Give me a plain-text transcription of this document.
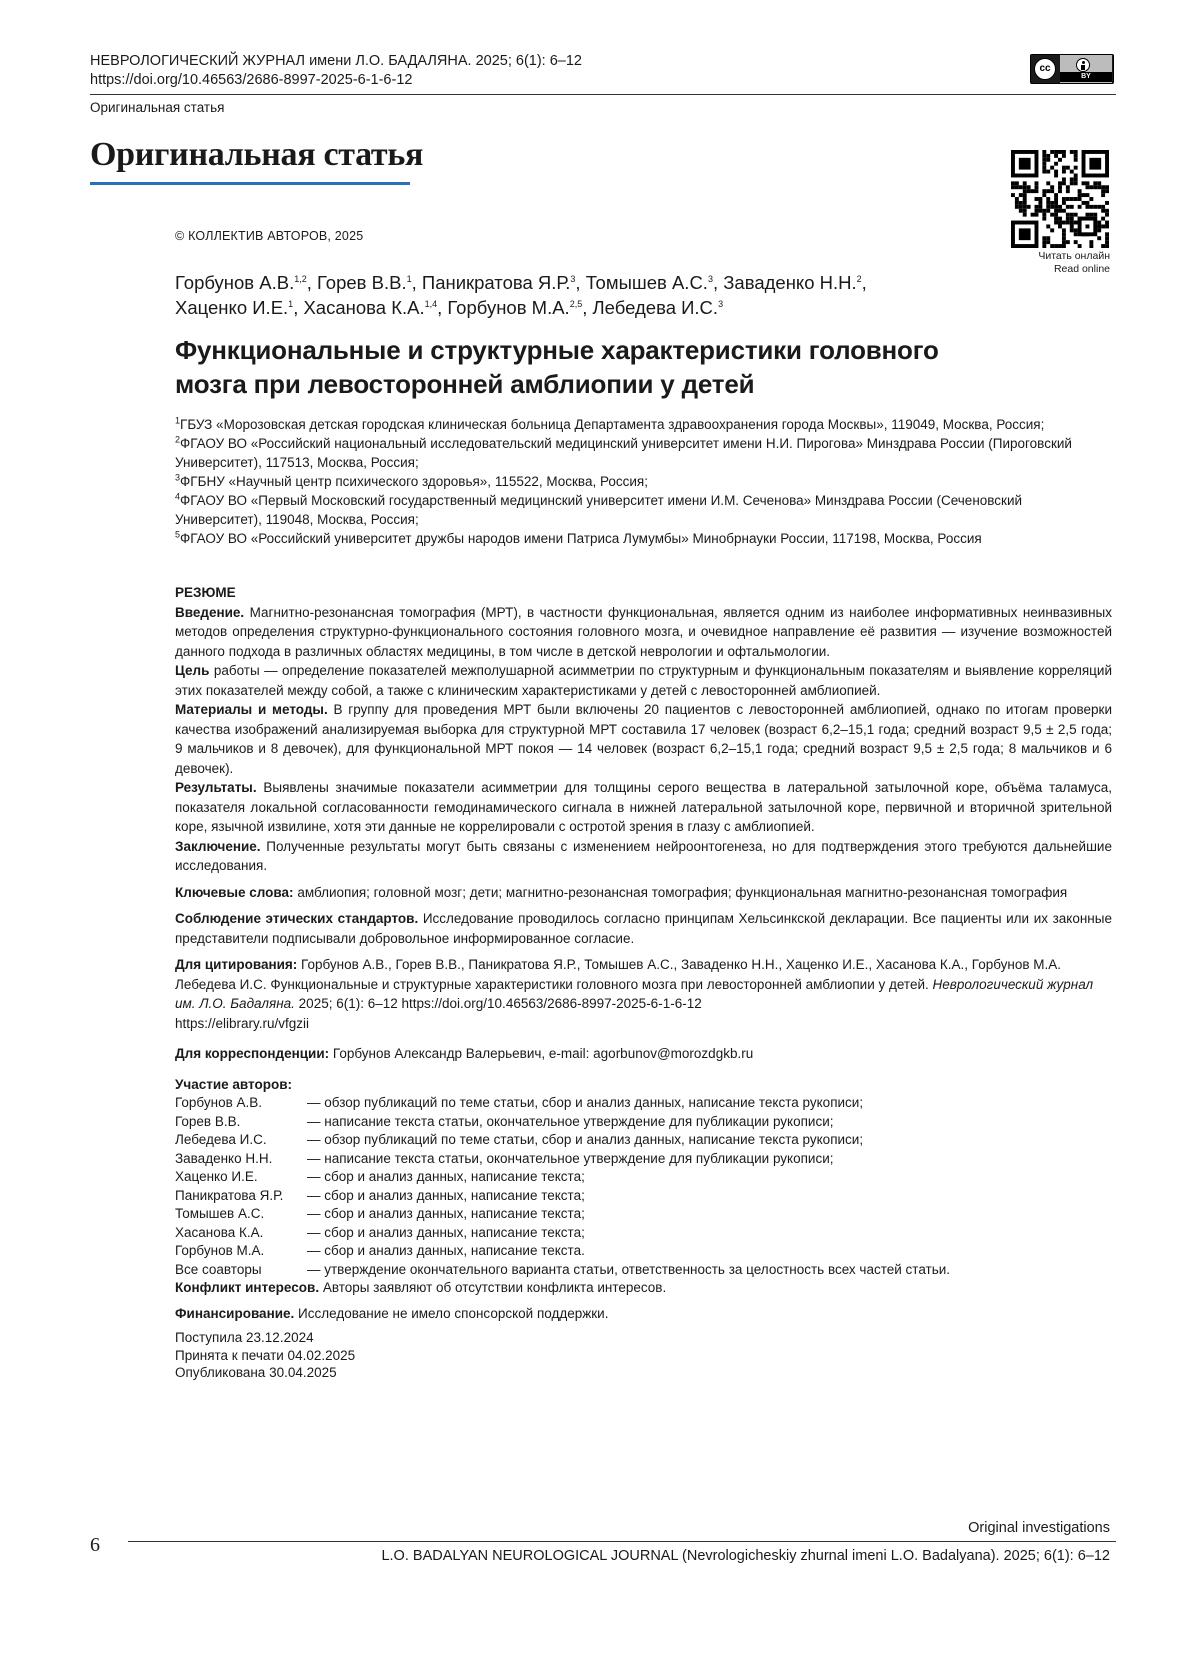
НЕВРОЛОГИЧЕСКИЙ ЖУРНАЛ имени Л.О. БАДАЛЯНА. 2025; 6(1): 6–12
https://doi.org/10.46563/2686-8997-2025-6-1-6-12
Оригинальная статья
cc
BY
Оригинальная статья
© КОЛЛЕКТИВ АВТОРОВ, 2025
Читать онлайн
Read online
Горбунов А.В.$^{1,2}$, Горев В.В.$^1$, Паникратова Я.Р.$^3$, Томышев А.С.$^3$, Заваденко Н.Н.$^2$,
Хаценко И.Е.$^1$, Хасанова К.А.$^{1,4}$, Горбунов М.А.$^{2,5}$, Лебедева И.С.$^3$
Функциональные и структурные характеристики головного
мозга при левосторонней амблиопии у детей
$^1$ГБУЗ «Морозовская детская городская клиническая больница Департамента здравоохранения города Москвы», 119049, Москва, Россия;
$^2$ФГАОУ ВО «Российский национальный исследовательский медицинский университет имени Н.И. Пирогова» Минздрава России (Пироговский Университет), 117513, Москва, Россия;
$^3$ФГБНУ «Научный центр психического здоровья», 115522, Москва, Россия;
$^4$ФГАОУ ВО «Первый Московский государственный медицинский университет имени И.М. Сеченова» Минздрава России (Сеченовский Университет), 119048, Москва, Россия;
$^5$ФГАОУ ВО «Российский университет дружбы народов имени Патриса Лумумбы» Минобрнауки России, 117198, Москва, Россия
РЕЗЮМЕ
Введение. Магнитно-резонансная томография (МРТ), в частности функциональная, является одним из наиболее информативных неинвазивных методов определения структурно-функционального состояния головного мозга, и очевидное направление её развития — изучение возможностей данного подхода в различных областях медицины, в том числе в детской неврологии и офтальмологии.
Цель работы — определение показателей межполушарной асимметрии по структурным и функциональным показателям и выявление корреляций этих показателей между собой, а также с клиническим характеристиками у детей с левосторонней амблиопией.
Материалы и методы. В группу для проведения МРТ были включены 20 пациентов с левосторонней амблиопией, однако по итогам проверки качества изображений анализируемая выборка для структурной МРТ составила 17 человек (возраст 6,2–15,1 года; средний возраст 9,5 ± 2,5 года; 9 мальчиков и 8 девочек), для функциональной МРТ покоя — 14 человек (возраст 6,2–15,1 года; средний возраст 9,5 ± 2,5 года; 8 мальчиков и 6 девочек).
Результаты. Выявлены значимые показатели асимметрии для толщины серого вещества в латеральной затылочной коре, объёма таламуса, показателя локальной согласованности гемодинамического сигнала в нижней латеральной затылочной коре, первичной и вторичной зрительной коре, язычной извилине, хотя эти данные не коррелировали с остротой зрения в глазу с амблиопией.
Заключение. Полученные результаты могут быть связаны с изменением нейроонтогенеза, но для подтверждения этого требуются дальнейшие исследования.
Ключевые слова: амблиопия; головной мозг; дети; магнитно-резонансная томография; функциональная магнитно-резонансная томография
Соблюдение этических стандартов. Исследование проводилось согласно принципам Хельсинкской декларации. Все пациенты или их законные представители подписывали добровольное информированное согласие.
Для цитирования: Горбунов А.В., Горев В.В., Паникратова Я.Р., Томышев А.С., Заваденко Н.Н., Хаценко И.Е., Хасанова К.А., Горбунов М.А. Лебедева И.С. Функциональные и структурные характеристики головного мозга при левосторонней амблиопии у детей. Неврологический журнал им. Л.О. Бадаляна. 2025; 6(1): 6–12 https://doi.org/10.46563/2686-8997-2025-6-1-6-12
https://elibrary.ru/vfgzii
Для корреспонденции: Горбунов Александр Валерьевич, e-mail: agorbunov@morozdgkb.ru
Участие авторов:
Горбунов А.В.	— обзор публикаций по теме статьи, сбор и анализ данных, написание текста рукописи;
Горев В.В.	— написание текста статьи, окончательное утверждение для публикации рукописи;
Лебедева И.С.	— обзор публикаций по теме статьи, сбор и анализ данных, написание текста рукописи;
Заваденко Н.Н.	— написание текста статьи, окончательное утверждение для публикации рукописи;
Хаценко И.Е.	— сбор и анализ данных, написание текста;
Паникратова Я.Р.	— сбор и анализ данных, написание текста;
Томышев А.С.	— сбор и анализ данных, написание текста;
Хасанова К.А.	— сбор и анализ данных, написание текста;
Горбунов М.А.	— сбор и анализ данных, написание текста.
Все соавторы	— утверждение окончательного варианта статьи, ответственность за целостность всех частей статьи.
Конфликт интересов. Авторы заявляют об отсутствии конфликта интересов.
Финансирование. Исследование не имело спонсорской поддержки.
Поступила 23.12.2024
Принята к печати 04.02.2025
Опубликована 30.04.2025
6
Original investigations
L.O. BADALYAN NEUROLOGICAL JOURNAL (Nevrologicheskiy zhurnal imeni L.O. Badalyana). 2025; 6(1): 6–12
